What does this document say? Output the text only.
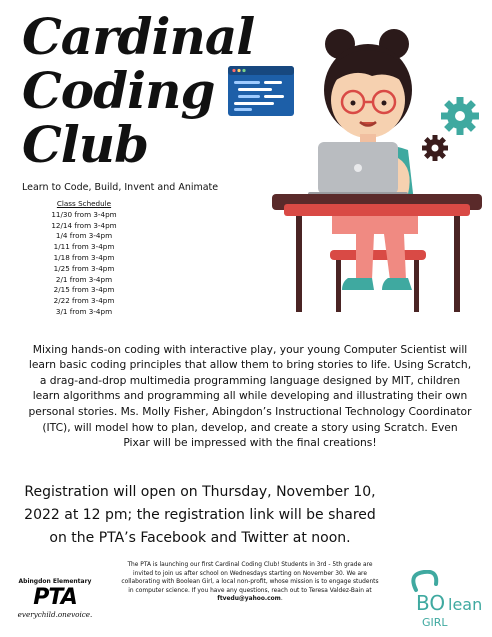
Cardinal
Coding
Club
Learn to Code, Build, Invent and Animate
Class Schedule
11/30 from 3-4pm
12/14 from 3-4pm
1/4 from 3-4pm
1/11 from 3-4pm
1/18 from 3-4pm
1/25 from 3-4pm
2/1 from 3-4pm
2/15 from 3-4pm
2/22 from 3-4pm
3/1 from 3-4pm

Mixing hands-on coding with interactive play, your young Computer Scientist will learn basic coding principles that allow them to bring stories to life. Using Scratch, a drag-and-drop multimedia programming language designed by MIT, children learn algorithms and programming all while developing and illustrating their own personal stories. Ms. Molly Fisher, Abingdon’s Instructional Technology Coordinator (ITC), will model how to plan, develop, and create a story using Scratch. Even Pixar will be impressed with the final creations!

Registration will open on Thursday, November 10, 2022 at 12 pm; the registration link will be shared on the PTA’s Facebook and Twitter at noon.

The PTA is launching our first Cardinal Coding Club! Students in 3rd - 5th grade are invited to join us after school on Wednesdays starting on November 30. We are collaborating with Boolean Girl, a local non-profit, whose mission is to engage students in computer science. If you have any questions, reach out to Teresa Valdez-Bain at ftvedu@yahoo.com.
Abingdon Elementary
PTA
everychild.onevoice.	BO lean
GIRL
